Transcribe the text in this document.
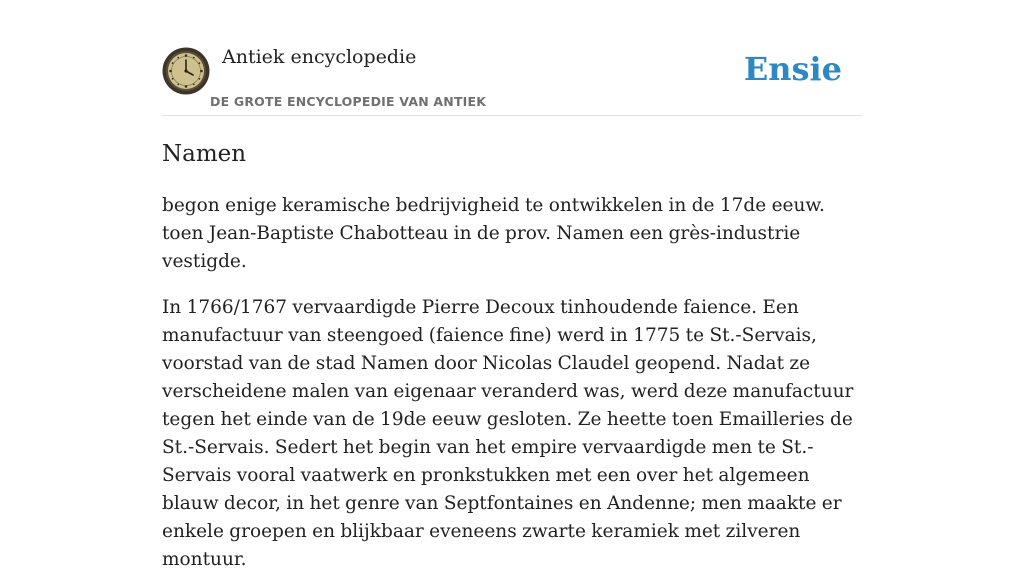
Antiek encyclopedie
DE GROTE ENCYCLOPEDIE VAN ANTIEK
Ensie
Namen

begon enige keramische bedrijvigheid te ontwikkelen in de 17de eeuw. toen Jean-Baptiste Chabotteau in de prov. Namen een grès-industrie vestigde.

In 1766/1767 vervaardigde Pierre Decoux tinhoudende faience. Een manufactuur van steengoed (faience fine) werd in 1775 te St.-Servais, voorstad van de stad Namen door Nicolas Claudel geopend. Nadat ze verscheidene malen van eigenaar veranderd was, werd deze manufactuur tegen het einde van de 19de eeuw gesloten. Ze heette toen Emailleries de St.-Servais. Sedert het begin van het empire vervaardigde men te St.-Servais vooral vaatwerk en pronkstukken met een over het algemeen blauw decor, in het genre van Septfontaines en Andenne; men maakte er enkele groepen en blijkbaar eveneens zwarte keramiek met zilveren montuur.
